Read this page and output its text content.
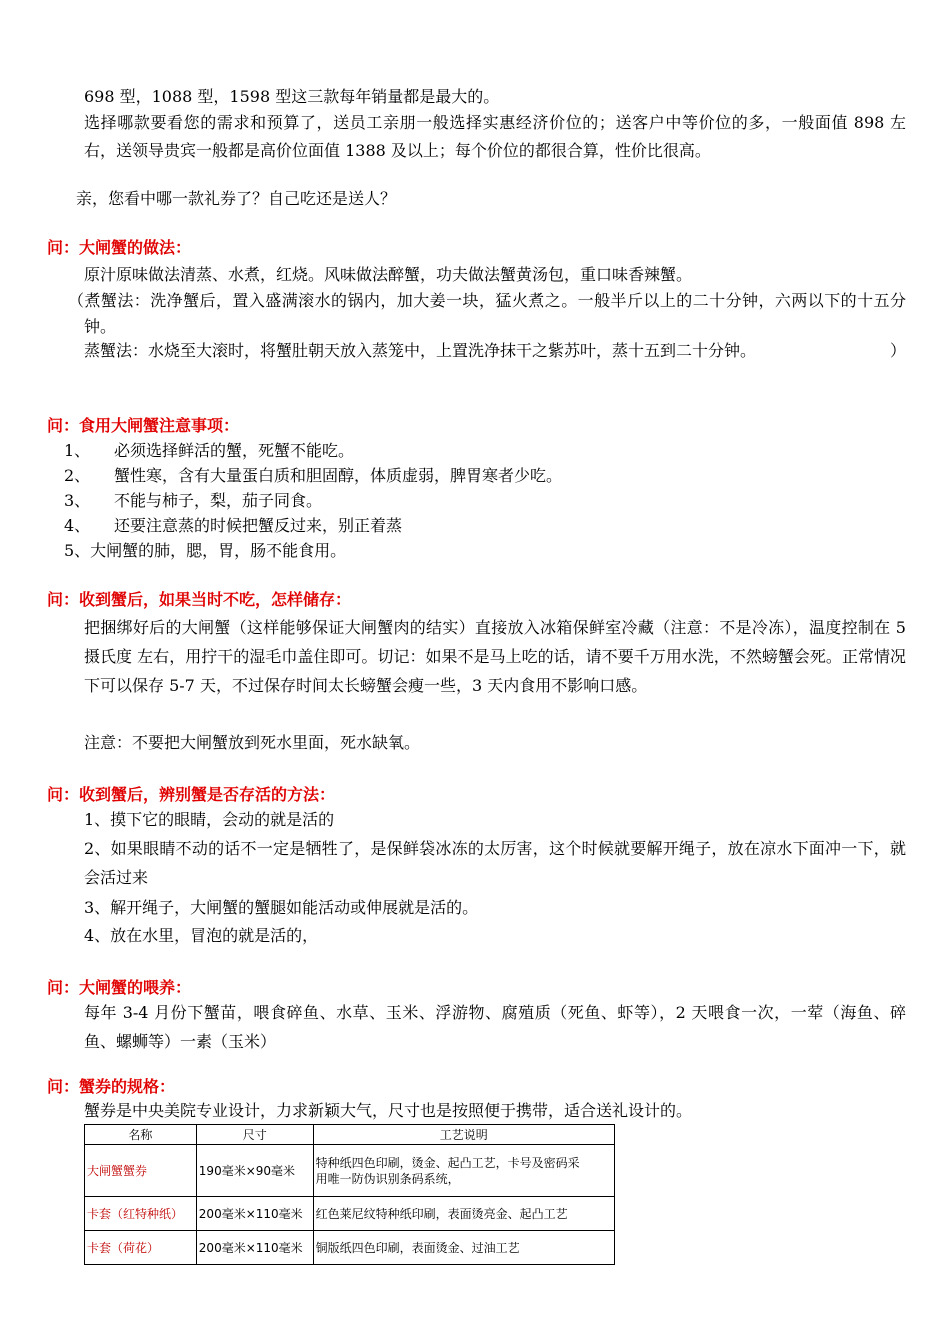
698 型，1088 型，1598 型这三款每年销量都是最大的。
选择哪款要看您的需求和预算了，送员工亲朋一般选择实惠经济价位的；送客户中等价位的多，一般面值 898 左右，送领导贵宾一般都是高价位面值 1388 及以上；每个价位的都很合算，性价比很高。
亲，您看中哪一款礼券了？自己吃还是送人？
问：大闸蟹的做法：
原汁原味做法清蒸、水煮，红烧。风味做法醉蟹，功夫做法蟹黄汤包，重口味香辣蟹。
（煮蟹法：洗净蟹后，置入盛满滚水的锅内，加大姜一块，猛火煮之。一般半斤以上的二十分钟，六两以下的十五分钟。
蒸蟹法：水烧至大滚时，将蟹肚朝天放入蒸笼中，上置洗净抹干之紫苏叶，蒸十五到二十分钟。	）
问：食用大闸蟹注意事项：
1、 必须选择鲜活的蟹，死蟹不能吃。
2、 蟹性寒，含有大量蛋白质和胆固醇，体质虚弱，脾胃寒者少吃。
3、 不能与柿子，梨，茄子同食。
4、 还要注意蒸的时候把蟹反过来，别正着蒸
5、大闸蟹的肺，腮，胃，肠不能食用。
问：收到蟹后，如果当时不吃，怎样储存：
把捆绑好后的大闸蟹（这样能够保证大闸蟹肉的结实）直接放入冰箱保鲜室冷藏（注意：不是冷冻），温度控制在 5 摄氏度 左右，用拧干的湿毛巾盖住即可。切记：如果不是马上吃的话，请不要千万用水洗，不然螃蟹会死。正常情况下可以保存 5-7 天，不过保存时间太长螃蟹会瘦一些，3 天内食用不影响口感。
注意：不要把大闸蟹放到死水里面，死水缺氧。
问：收到蟹后，辨别蟹是否存活的方法：
1、摸下它的眼睛，会动的就是活的
2、如果眼睛不动的话不一定是牺牲了，是保鲜袋冰冻的太厉害，这个时候就要解开绳子，放在凉水下面冲一下，就会活过来
3、解开绳子，大闸蟹的蟹腿如能活动或伸展就是活的。
4、放在水里，冒泡的就是活的，
问：大闸蟹的喂养：
每年 3-4 月份下蟹苗，喂食碎鱼、水草、玉米、浮游物、腐殖质（死鱼、虾等），2 天喂食一次，一荤（海鱼、碎鱼、螺蛳等）一素（玉米）
问：蟹券的规格：
蟹券是中央美院专业设计，力求新颖大气，尺寸也是按照便于携带，适合送礼设计的。
名称	尺寸	工艺说明
大闸蟹蟹券	190毫米×90毫米	特种纸四色印刷，烫金、起凸工艺，卡号及密码采
用唯一防伪识别条码系统，

卡套（红特种纸）	200毫米×110毫米	红色莱尼纹特种纸印刷，表面烫亮金、起凸工艺
卡套（荷花）	200毫米×110毫米	铜版纸四色印刷，表面烫金、过油工艺
